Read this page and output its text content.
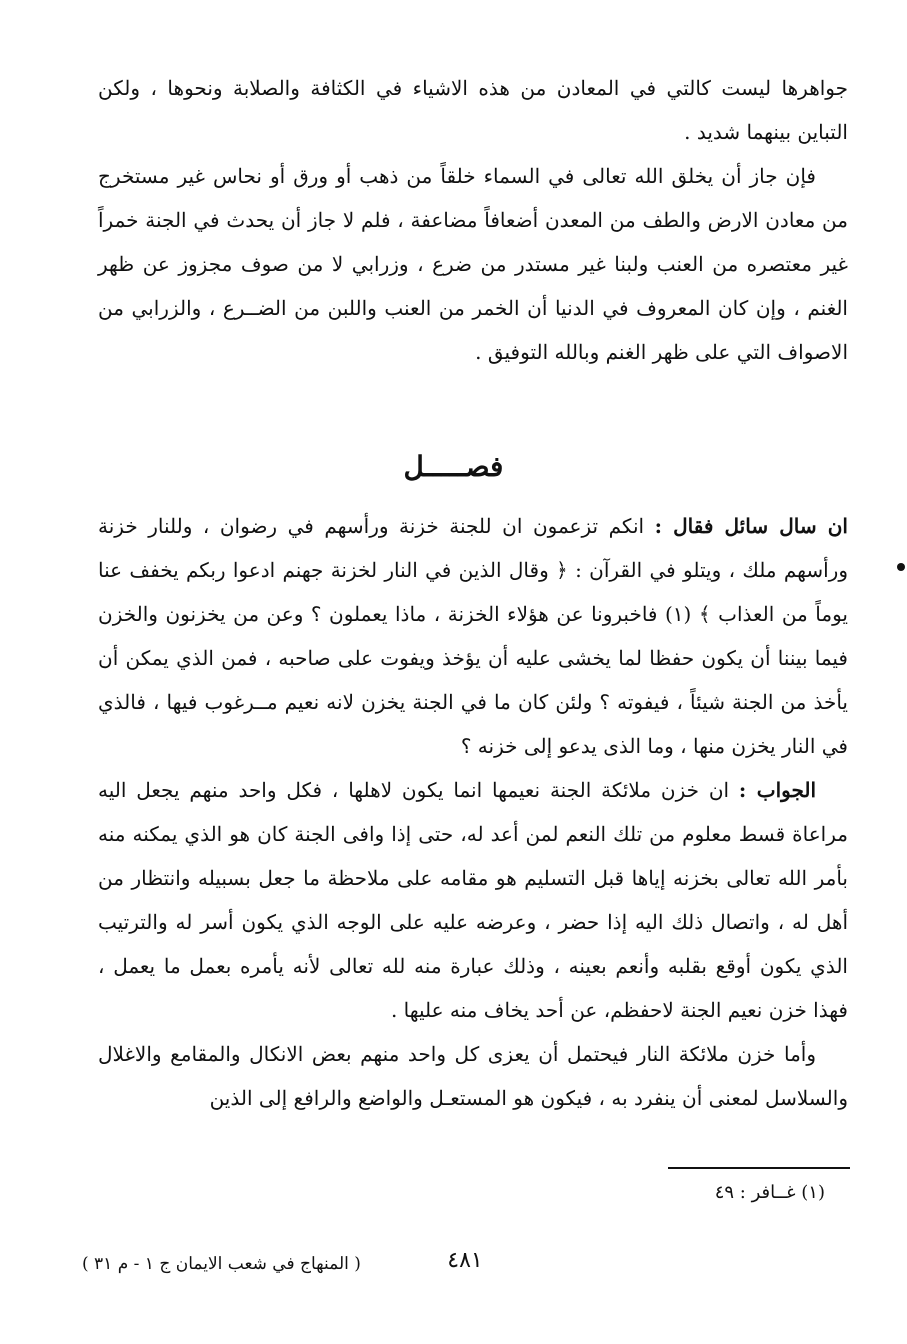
جواهرها ليست كالتي في المعادن من هذه الاشياء في الكثافة والصلابة ونحوها ، ولكن التباين بينهما شديد .

فإن جاز أن يخلق الله تعالى في السماء خلقاً من ذهب أو ورق أو نحاس غير مستخرج من معادن الارض والطف من المعدن أضعافاً مضاعفة ، فلم لا جاز أن يحدث في الجنة خمراً غير معتصره من العنب ولبنا غير مستدر من ضرع ، وزرابي لا من صوف مجزوز عن ظهر الغنم ، وإن كان المعروف في الدنيا أن الخمر من العنب واللبن من الضــرع ، والزرابي من الاصواف التي على ظهر الغنم وبالله التوفيق .

فصـــــل

ان سال سائل فقال : انكم تزعمون ان للجنة خزنة ورأسهم في رضوان ، وللنار خزنة ورأسهم ملك ، ويتلو في القرآن : ﴿ وقال الذين في النار لخزنة جهنم ادعوا ربكم يخفف عنا يوماً من العذاب ﴾ (١) فاخبرونا عن هؤلاء الخزنة ، ماذا يعملون ؟ وعن من يخزنون والخزن فيما بيننا أن يكون حفظا لما يخشى عليه أن يؤخذ ويفوت على صاحبه ، فمن الذي يمكن أن يأخذ من الجنة شيئاً ، فيفوته ؟ ولئن كان ما في الجنة يخزن لانه نعيم مــرغوب فيها ، فالذي في النار يخزن منها ، وما الذى يدعو إلى خزنه ؟

الجواب : ان خزن ملائكة الجنة نعيمها انما يكون لاهلها ، فكل واحد منهم يجعل اليه مراعاة قسط معلوم من تلك النعم لمن أعد له، حتى إذا وافى الجنة كان هو الذي يمكنه منه بأمر الله تعالى بخزنه إياها قبل التسليم هو مقامه على ملاحظة ما جعل بسبيله وانتظار من أهل له ، واتصال ذلك اليه إذا حضر ، وعرضه عليه على الوجه الذي يكون أسر له والترتيب الذي يكون أوقع بقلبه وأنعم بعينه ، وذلك عبارة منه لله تعالى لأنه يأمره بعمل ما يعمل ، فهذا خزن نعيم الجنة لاحفظم، عن أحد يخاف منه عليها .

وأما خزن ملائكة النار فيحتمل أن يعزى كل واحد منهم بعض الانكال والمقامع والاغلال والسلاسل لمعنى أن ينفرد به ، فيكون هو المستعـل والواضع والرافع إلى الذين

(١) غــافر : ٤٩
٤٨١
( المنهاج في شعب الايمان ج ١ - م ٣١ )
